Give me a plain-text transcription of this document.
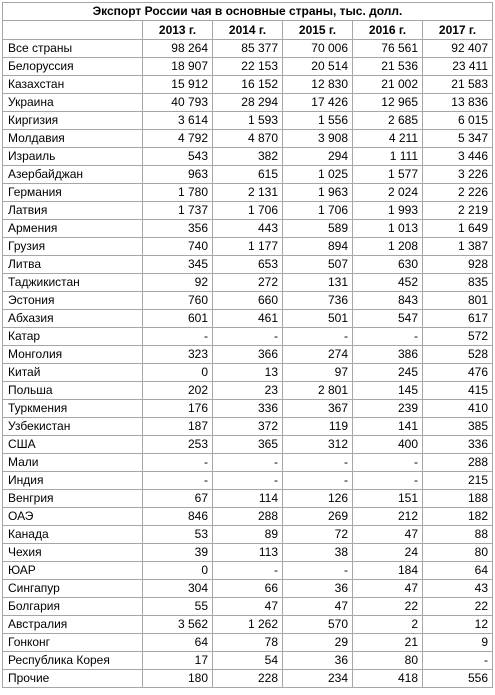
Экспорт России чая в основные страны, тыс. долл.					
	2013 г.	2014 г.	2015 г.	2016 г.	2017 г.
Все страны	98 264	85 377	70 006	76 561	92 407
Белоруссия	18 907	22 153	20 514	21 536	23 411
Казахстан	15 912	16 152	12 830	21 002	21 583
Украина	40 793	28 294	17 426	12 965	13 836
Киргизия	3 614	1 593	1 556	2 685	6 015
Молдавия	4 792	4 870	3 908	4 211	5 347
Израиль	543	382	294	1 111	3 446
Азербайджан	963	615	1 025	1 577	3 226
Германия	1 780	2 131	1 963	2 024	2 226
Латвия	1 737	1 706	1 706	1 993	2 219
Армения	356	443	589	1 013	1 649
Грузия	740	1 177	894	1 208	1 387
Литва	345	653	507	630	928
Таджикистан	92	272	131	452	835
Эстония	760	660	736	843	801
Абхазия	601	461	501	547	617
Катар	-	-	-	-	572
Монголия	323	366	274	386	528
Китай	0	13	97	245	476
Польша	202	23	2 801	145	415
Туркмения	176	336	367	239	410
Узбекистан	187	372	119	141	385
США	253	365	312	400	336
Мали	-	-	-	-	288
Индия	-	-	-	-	215
Венгрия	67	114	126	151	188
ОАЭ	846	288	269	212	182
Канада	53	89	72	47	88
Чехия	39	113	38	24	80
ЮАР	0	-	-	184	64
Сингапур	304	66	36	47	43
Болгария	55	47	47	22	22
Австралия	3 562	1 262	570	2	12
Гонконг	64	78	29	21	9
Республика Корея	17	54	36	80	-
Прочие	180	228	234	418	556
